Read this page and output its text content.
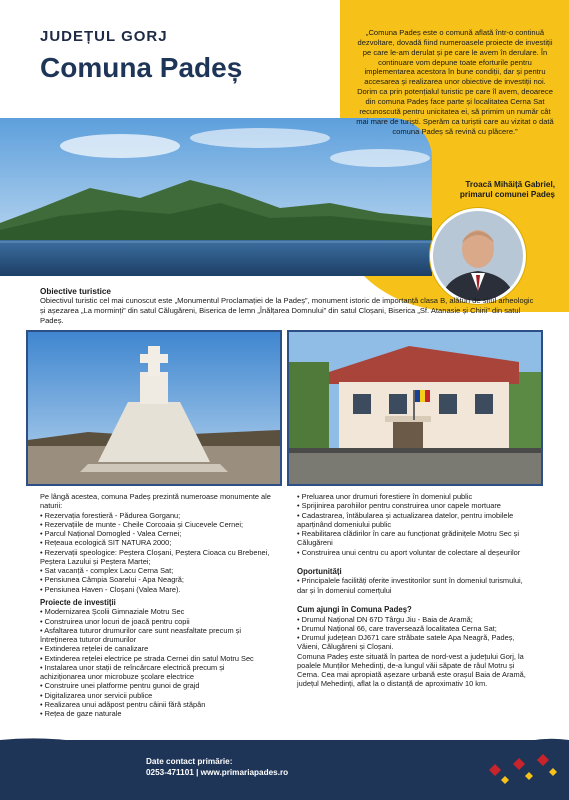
JUDEȚUL GORJ
Comuna Padeș
„Comuna Padeș este o comună aflată într-o continuă dezvoltare, dovadă fiind numeroasele proiecte de investiții pe care le-am derulat și pe care le avem în derulare. În continuare vom depune toate eforturile pentru implementarea acestora în bune condiții, dar și pentru accesarea și realizarea unor obiective de investiții noi. Dorim ca prin potențialul turistic pe care îl avem, deoarece din comuna Padeș face parte și localitatea Cerna Sat recunoscută pentru unicitatea ei, să primim un număr cât mai mare de turiști. Sperăm ca turiștii care au vizitat o dată comuna Padeș să revină cu plăcere.”
Troacă Mihăiță Gabriel,
primarul comunei Padeș
Obiective turistice
Obiectivul turistic cel mai cunoscut este „Monumentul Proclamației de la Padeș”, monument istoric de importanță clasa B, alături de situl arheologic și așezarea „La morminți” din satul Călugăreni, Biserica de lemn „Înălțarea Domnului” din satul Cloșani, Biserica „Sf. Atanasie și Chirii” din satul Padeș.

Pe lângă acestea, comuna Padeș prezintă numeroase monumente ale naturii:

• Rezervația forestieră - Pădurea Gorganu;
• Rezervațiile de munte - Cheile Corcoaia și Ciucevele Cernei;
• Parcul Național Domogled - Valea Cernei;
• Rețeaua ecologică SIT NATURA 2000;
• Rezervații speologice: Peștera Cloșani, Peștera Cioaca cu Brebenei, Peștera Lazului și Peștera Martei;
• Sat vacanță - complex Lacu Cerna Sat;
• Pensiunea Câmpia Soarelui - Apa Neagră;
• Pensiunea Haven - Cloșani (Valea Mare).

Proiecte de investiții

• Modernizarea Școlii Gimnaziale Motru Sec
• Construirea unor locuri de joacă pentru copii
• Asfaltarea tuturor drumurilor care sunt neasfaltate precum și întreținerea tuturor drumurilor
• Extinderea rețelei de canalizare
• Extinderea rețelei electrice pe strada Cernei din satul Motru Sec
• Instalarea unor stații de reîncărcare electrică precum și achiziționarea unor microbuze școlare electrice
• Construire unei platforme pentru gunoi de grajd
• Digitalizarea unor servicii publice
• Realizarea unui adăpost pentru câinii fără stăpân
• Rețea de gaze naturale
• Preluarea unor drumuri forestiere în domeniul public
• Sprijinirea parohiilor pentru construirea unor capele mortuare
• Cadastrarea, întăbularea și actualizarea datelor, pentru imobilele aparținând domeniului public
• Reabilitarea clădirilor în care au funcționat grădinițele Motru Sec și Călugăreni
• Construirea unui centru cu aport voluntar de colectare al deșeurilor

Oportunități

• Principalele facilități oferite investitorilor sunt în domeniul turismului, dar și în domeniul comerțului

Cum ajungi în Comuna Padeș?

• Drumul Național DN 67D Târgu Jiu - Baia de Aramă;
• Drumul Național 66, care traversează localitatea Cerna Sat;
• Drumul județean DJ671 care străbate satele Apa Neagră, Padeș, Văieni, Călugăreni și Cloșani.

Comuna Padeș este situată în partea de nord-vest a județului Gorj, la poalele Munților Mehedinți, de-a lungul văii săpate de râul Motru și Cerna. Cea mai apropiată așezare urbană este orașul Baia de Aramă, județul Mehedinți, aflat la o distanță de aproximativ 10 km.

Date contact primărie:
0253-471101 | www.primariapades.ro
